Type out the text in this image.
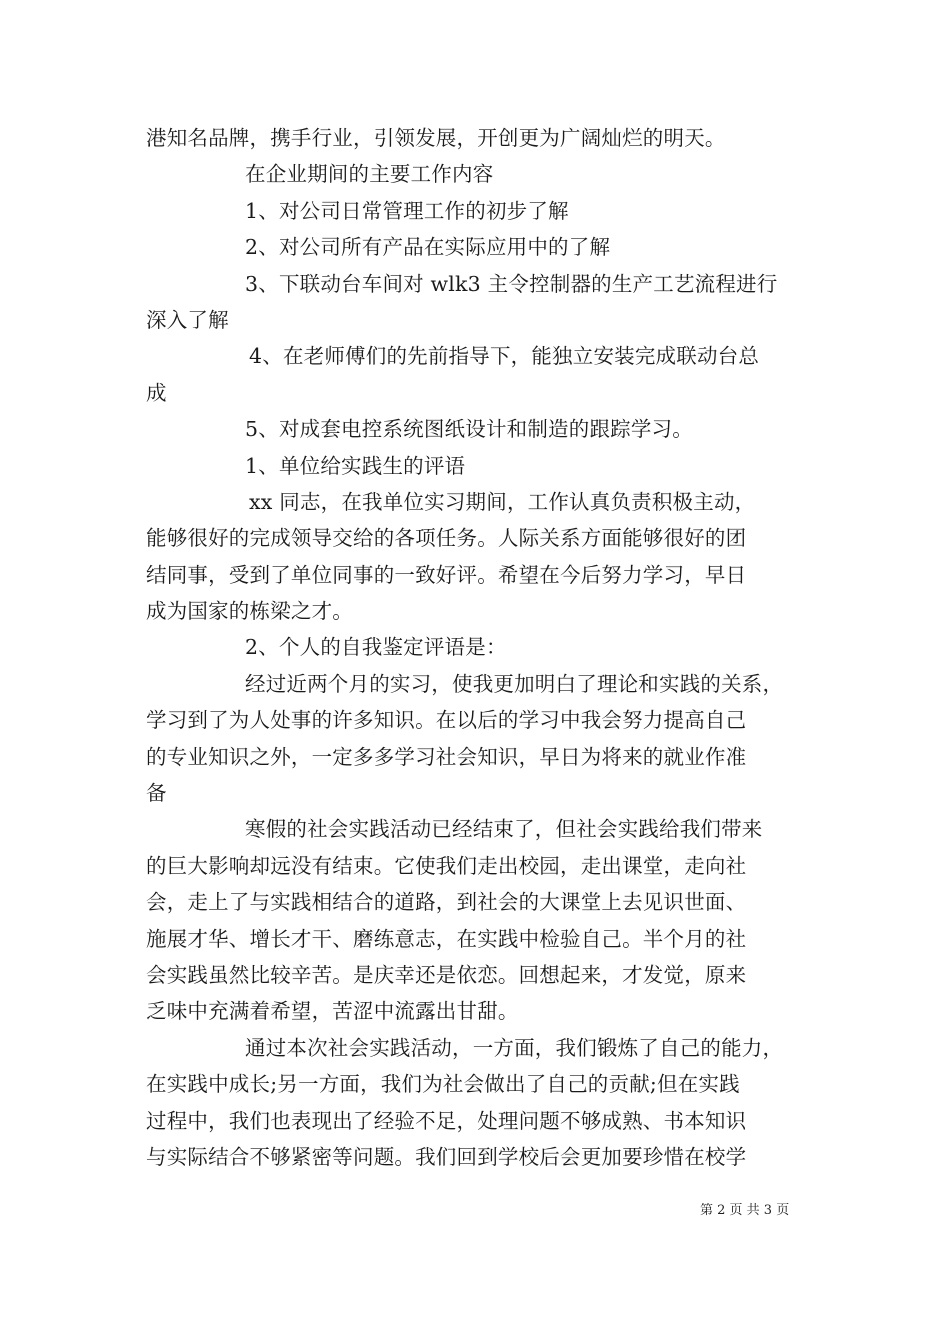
港知名品牌，携手行业，引领发展，开创更为广阔灿烂的明天。
在企业期间的主要工作内容
1、对公司日常管理工作的初步了解
2、对公司所有产品在实际应用中的了解
3、下联动台车间对 wlk3 主令控制器的生产工艺流程进行
深入了解
4、在老师傅们的先前指导下，能独立安装完成联动台总
成
5、对成套电控系统图纸设计和制造的跟踪学习。
1、单位给实践生的评语
xx 同志，在我单位实习期间，工作认真负责积极主动，
能够很好的完成领导交给的各项任务。人际关系方面能够很好的团
结同事，受到了单位同事的一致好评。希望在今后努力学习，早日
成为国家的栋梁之才。
2、个人的自我鉴定评语是：
经过近两个月的实习，使我更加明白了理论和实践的关系，
学习到了为人处事的许多知识。在以后的学习中我会努力提高自己
的专业知识之外，一定多多学习社会知识，早日为将来的就业作准
备
寒假的社会实践活动已经结束了，但社会实践给我们带来
的巨大影响却远没有结束。它使我们走出校园，走出课堂，走向社
会，走上了与实践相结合的道路，到社会的大课堂上去见识世面、
施展才华、增长才干、磨练意志，在实践中检验自己。半个月的社
会实践虽然比较辛苦。是庆幸还是依恋。回想起来，才发觉，原来
乏味中充满着希望，苦涩中流露出甘甜。
通过本次社会实践活动，一方面，我们锻炼了自己的能力，
在实践中成长;另一方面，我们为社会做出了自己的贡献;但在实践
过程中，我们也表现出了经验不足，处理问题不够成熟、书本知识
与实际结合不够紧密等问题。我们回到学校后会更加要珍惜在校学
第 2 页 共 3 页
